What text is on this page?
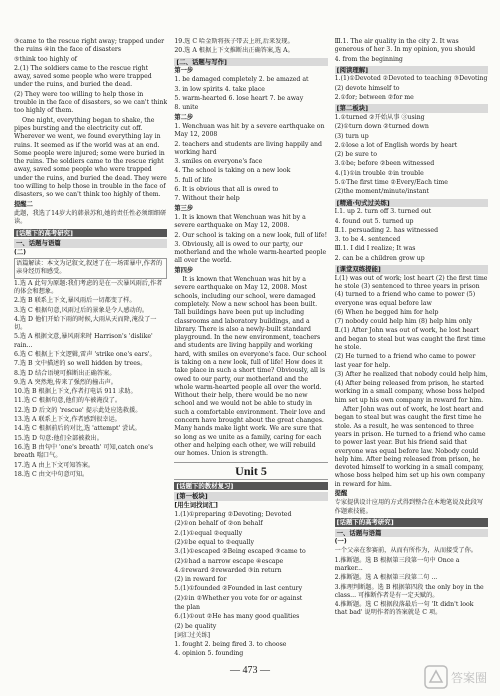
③came to the rescue right away; trapped under the ruins ④in the face of disasters

⑤think too highly of

2.(1) The soldiers came to the rescue right away, saved some people who were trapped under the ruins, and buried the dead.

(2) They were too willing to help those in trouble in the face of disasters, so we can't think too highly of them.

One night, everything began to shake, the pipes bursting and the electricity cut off. Wherever we went, we found everything lay in ruins. It seemed as if the world was at an end. Some people were injured; some were buried in the ruins. The soldiers came to the rescue right away, saved some people who were trapped under the ruins, and buried the dead. They were too willing to help those in trouble in the face of disasters, so we can't think too highly of them.

提醒二

此题，我选了14岁大的韩景苏和,她的责任性必须细细研读。

[话题下的高考研究]
一、话题与语篇
(二)

语篇解读：本文为记叙文,叙述了在一场雷暴中,作者的亲身经历和感受。

1.选 A 此句为原题:我们考虑的是在一次暴风雨后,作者的体会和想象。

2.选 B 联系上下文,暴风雨后一切都变了样。

3.选 C 根据句意,风雨过后的景象是令人感动的。

4.选 D 他们开始下雨的时候,大雨从天而降,淹没了一切。

5.选 A 根据文意,暴风雨来时 Harrison's 'dislike' rain...

6.选 C 根据上下文逻辑,雷声 'strike one's ears'。

7.选 B 文中描述的 so well hidden by trees。

8.选 D 结合语境可推断出正确答案。

9.选 A 突然地,传来了强烈的撞击声。

10.选 B 根据上下文,作者打电话 911 求助。

11.选 C 根据句意,他们的车被淹没了。

12.选 D 后文的 'rescue' 提示此处应选救援。

13.选 A 联系上下文,作者感到很幸运。

14.选 C 根据前后的对比,选 'attempt' 尝试。

15.选 D 句意:他们全部被救出。

16.选 B 由句中 'one's breath' 可知,catch one's breath 喘口气。

17.选 A 由上下文可知答案。

18.选 C 由文中句意可知。

19.选 C 哈金斯将孩子带去上班,后来发现。

20.选 A 根据上下文推断出正确答案,选 A。

[二、话题与写作]
第一步

1. be damaged completely 2. be amazed at

3. in low spirits 4. take place

5. warm-hearted 6. lose heart 7. be away

8. unite

第二步

1. Wenchuan was hit by a severe earthquake on May 12, 2008

2. teachers and students are living happily and working hard

3. smiles on everyone's face

4. The school is taking on a new look

5. full of life

6. It is obvious that all is owed to

7. Without their help

第三步

1. It is known that Wenchuan was hit by a severe earthquake on May 12, 2008.

2. Our school is taking on a new look, full of life!

3. Obviously, all is owed to our party, our motherland and the whole warm-hearted people all over the world.

第四步

It is known that Wenchuan was hit by a severe earthquake on May 12, 2008. Most schools, including our school, were damaged completely. Now a new school has been built. Tall buildings have been put up including classrooms and laboratory buildings, and a library. There is also a newly-built standard playground. In the new environment, teachers and students are living happily and working hard, with smiles on everyone's face. Our school is taking on a new look, full of life! How does it take place in such a short time? Obviously, all is owed to our party, our motherland and the whole warm-hearted people all over the world. Without their help, there would be no new school and we would not be able to study in such a comfortable environment. Their love and concern have brought about the great changes. Many hands make light work. We are sure that so long as we unite as a family, caring for each other and helping each other, we will rebuild our homes. Union is strength.

Unit 5
[话题下的教材复习]
[第一板块]
[用生词找词汇]

1.(1)①preparing ②Devoting; Devoted

(2)①on behalf of ②on behalf

2.(1)①equal ②equally

(2)①be equal to ②equally

3.(1)①escaped ②Being escaped ③came to

(2)①had a narrow escape ④escape

4.①reward ②rewarded ③in return

(2) in reward for

5.(1)①founded ②Founded in last century

(2)①in ②Whether you vote for or against

the plan

6.(1)①out ②He has many good qualities

(2) be quality

[词汇过关练]

1. fought 2. being fired 3. to choose

4. opinion 5. founding

Ⅲ.1. The air quality in the city 2. It was generous of her 3. In my opinion, you should

4. from the beginning

[阅读理解]

1.(1)①Devoted ②Devoted to teaching ③Devoting

(2) devote himself to

2.①for; between ②for me

[第二板块]

1.①turned ②开始从事 ③using

(2)①turn down ②turned down

(3) turn up

2.①lose a lot of English words by heart

(2) be sure to

3.①be; before ②been witnessed

4.(1)①in trouble ②in trouble

5.①The first time ②Every/Each time

(2)the moment/minute/instant

[精通·句式过关练]

Ⅰ.1. up 2. turn off 3. turned out

4. found out 5. turned up

Ⅱ.1. persuading 2. has witnessed

3. to be 4. sentenced

Ⅲ.1. I did I realize; It was

2. can be a children grow up

[课堂双练提能]

Ⅰ.(1) was out of work; lost heart (2) the first time he stole (3) sentenced to three years in prison (4) turned to a friend who came to power (5) everyone was equal before law

(6) When he begged him for help

(7) nobody could help him (8) help him only

Ⅱ.(1) After John was out of work, he lost heart and began to steal but was caught the first time he stole.

(2) He turned to a friend who came to power last year for help.

(3) After he realized that nobody could help him,

(4) After being released from prison, he started working in a small company, whose boss helped him set up his own company in reward for him.

After John was out of work, he lost heart and began to steal but was caught the first time he stole. As a result, he was sentenced to three years in prison. He turned to a friend who came to power last year. But his friend said that everyone was equal before law. Nobody could help him. After being released from prison, he devoted himself to working in a small company, whose boss helped him set up his own company in reward for him.

提醒

专家提供设计应用的方式得到整合在本地笔说及此段写作题素技能。

[话题下的高考研究]
一、话题与语篇
(一)

一个父亲在参赛前，从而有所作为，从而接受了你。

1.推断题。选 B 根据第三段第一句中 Once a marker...

2.推断题。选 A 根据第三段第二句 ...

3.推理判断题。选 B 根据第四段 the only boy in the class... 可推断作者是有一定天赋的。

4.推断题。选 C 根据段落最后一句 'It didn't look that bad' 说明作者的答案就是 C 项。

— 473 —
答案圈
